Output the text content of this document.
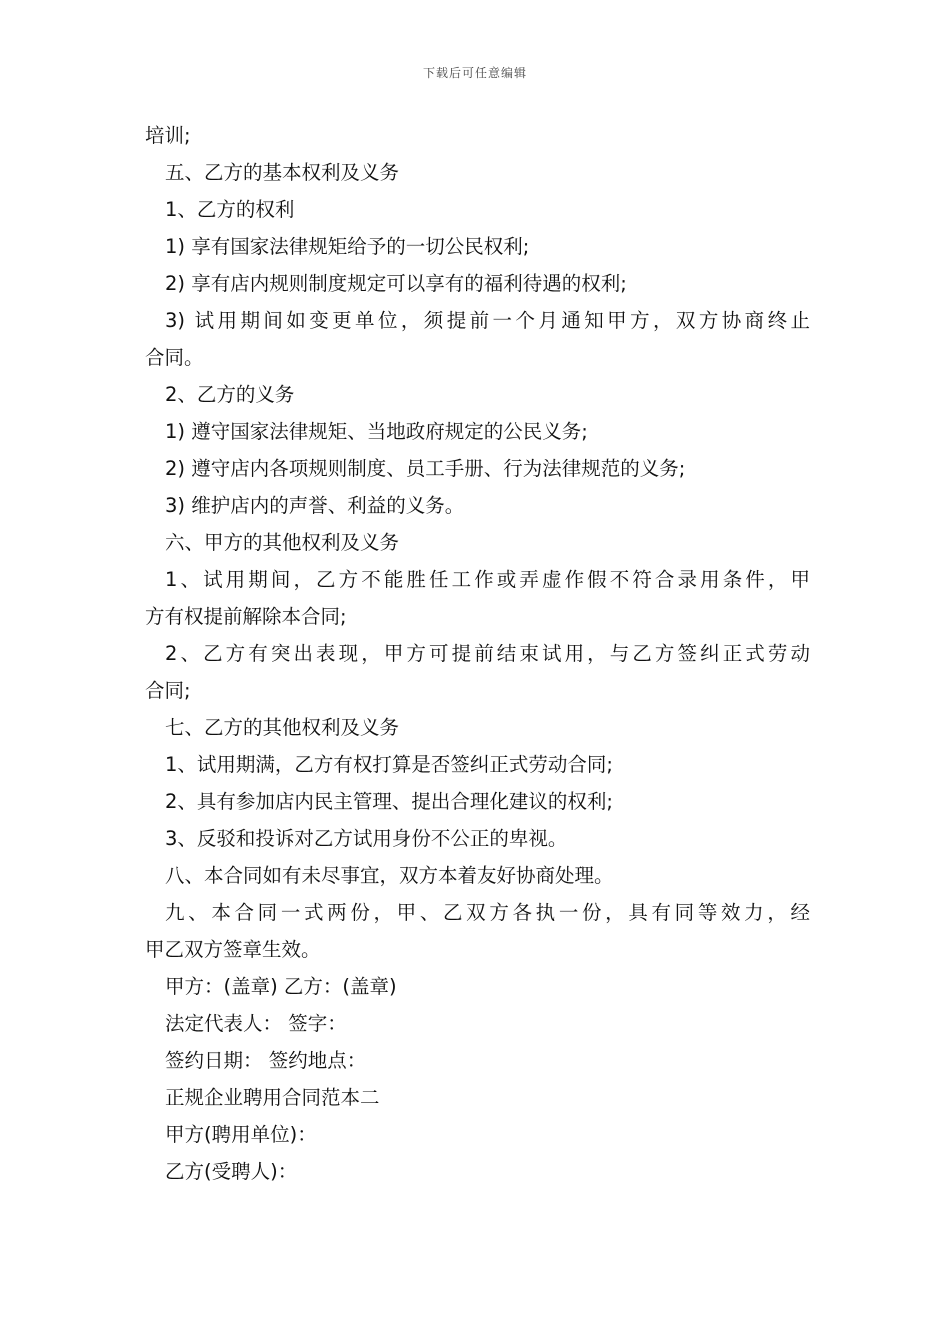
下载后可任意编辑
培训;
五、乙方的基本权利及义务
1、乙方的权利
1) 享有国家法律规矩给予的一切公民权利;
2) 享有店内规则制度规定可以享有的福利待遇的权利;
3) 试用期间如变更单位，须提前一个月通知甲方，双方协商终止
合同。
2、乙方的义务
1) 遵守国家法律规矩、当地政府规定的公民义务;
2) 遵守店内各项规则制度、员工手册、行为法律规范的义务;
3) 维护店内的声誉、利益的义务。
六、甲方的其他权利及义务
1、试用期间，乙方不能胜任工作或弄虚作假不符合录用条件，甲
方有权提前解除本合同;
2、乙方有突出表现，甲方可提前结束试用，与乙方签纠正式劳动
合同;
七、乙方的其他权利及义务
1、试用期满，乙方有权打算是否签纠正式劳动合同;
2、具有参加店内民主管理、提出合理化建议的权利;
3、反驳和投诉对乙方试用身份不公正的卑视。
八、本合同如有未尽事宜，双方本着友好协商处理。
九、本合同一式两份，甲、乙双方各执一份，具有同等效力，经
甲乙双方签章生效。
甲方：(盖章) 乙方：(盖章)
法定代表人： 签字：
签约日期： 签约地点：
正规企业聘用合同范本二
甲方(聘用单位)：
乙方(受聘人)：
